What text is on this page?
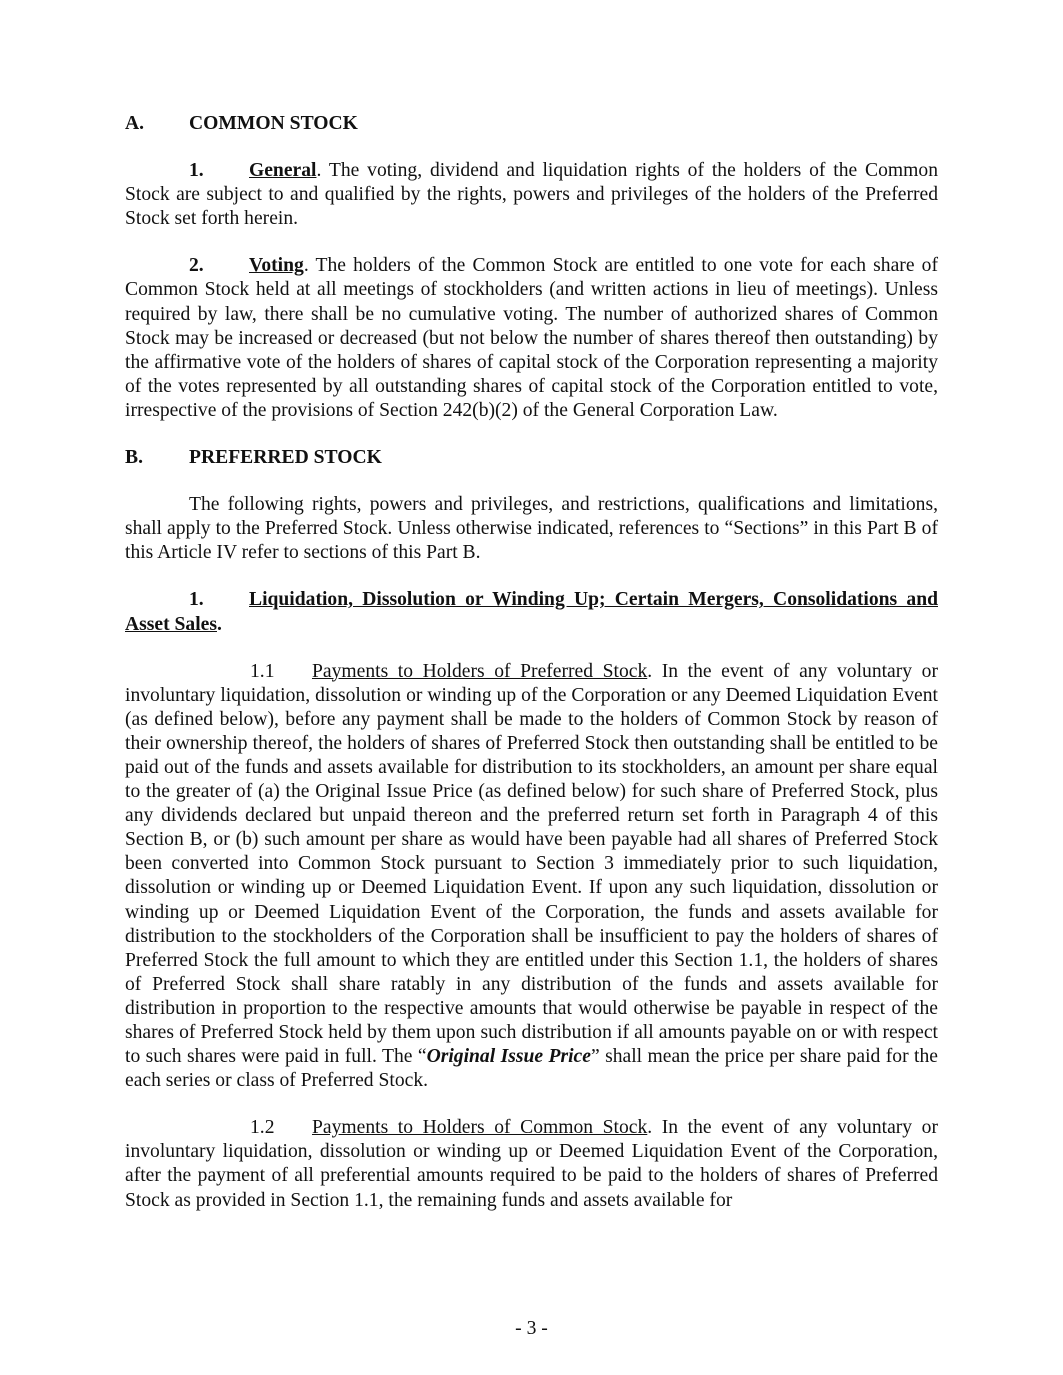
A. COMMON STOCK

1. General. The voting, dividend and liquidation rights of the holders of the Common Stock are subject to and qualified by the rights, powers and privileges of the holders of the Preferred Stock set forth herein.

2. Voting. The holders of the Common Stock are entitled to one vote for each share of Common Stock held at all meetings of stockholders (and written actions in lieu of meetings). Unless required by law, there shall be no cumulative voting. The number of authorized shares of Common Stock may be increased or decreased (but not below the number of shares thereof then outstanding) by the affirmative vote of the holders of shares of capital stock of the Corporation representing a majority of the votes represented by all outstanding shares of capital stock of the Corporation entitled to vote, irrespective of the provisions of Section 242(b)(2) of the General Corporation Law.

B. PREFERRED STOCK

The following rights, powers and privileges, and restrictions, qualifications and limitations, shall apply to the Preferred Stock. Unless otherwise indicated, references to “Sections” in this Part B of this Article IV refer to sections of this Part B.

1. Liquidation, Dissolution or Winding Up; Certain Mergers, Consolidations and Asset Sales.

1.1 Payments to Holders of Preferred Stock. In the event of any voluntary or involuntary liquidation, dissolution or winding up of the Corporation or any Deemed Liquidation Event (as defined below), before any payment shall be made to the holders of Common Stock by reason of their ownership thereof, the holders of shares of Preferred Stock then outstanding shall be entitled to be paid out of the funds and assets available for distribution to its stockholders, an amount per share equal to the greater of (a) the Original Issue Price (as defined below) for such share of Preferred Stock, plus any dividends declared but unpaid thereon and the preferred return set forth in Paragraph 4 of this Section B, or (b) such amount per share as would have been payable had all shares of Preferred Stock been converted into Common Stock pursuant to Section 3 immediately prior to such liquidation, dissolution or winding up or Deemed Liquidation Event. If upon any such liquidation, dissolution or winding up or Deemed Liquidation Event of the Corporation, the funds and assets available for distribution to the stockholders of the Corporation shall be insufficient to pay the holders of shares of Preferred Stock the full amount to which they are entitled under this Section 1.1, the holders of shares of Preferred Stock shall share ratably in any distribution of the funds and assets available for distribution in proportion to the respective amounts that would otherwise be payable in respect of the shares of Preferred Stock held by them upon such distribution if all amounts payable on or with respect to such shares were paid in full. The “Original Issue Price” shall mean the price per share paid for the each series or class of Preferred Stock.

1.2 Payments to Holders of Common Stock. In the event of any voluntary or involuntary liquidation, dissolution or winding up or Deemed Liquidation Event of the Corporation, after the payment of all preferential amounts required to be paid to the holders of shares of Preferred Stock as provided in Section 1.1, the remaining funds and assets available for

- 3 -
